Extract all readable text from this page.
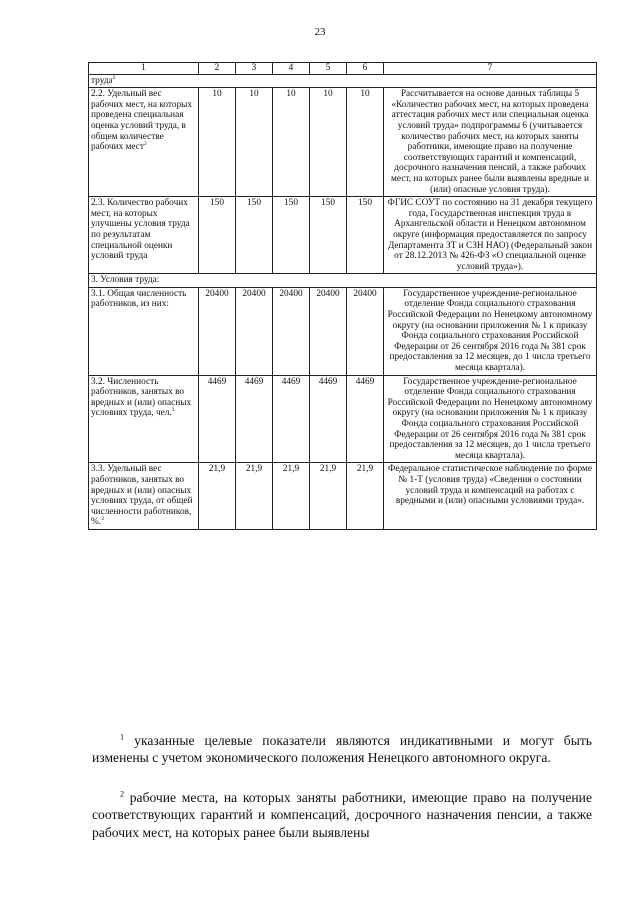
23
1	2	3	4	5	6	7
труда$^2$
2.2. Удельный вес рабочих мест, на которых проведена специальная оценка условий труда, в общем количестве рабочих мест$^2$	10	10	10	10	10	Рассчитывается на основе данных таблицы 5 «Количество рабочих мест, на которых проведена аттестация рабочих мест или специальная оценка условий труда» подпрограммы 6 (учитывается количество рабочих мест, на которых заняты работники, имеющие право на получение соответствующих гарантий и компенсаций, досрочного назначения пенсий, а также рабочих мест, на которых ранее были выявлены вредные и (или) опасные условия труда).
2.3. Количество рабочих мест, на которых улучшены условия труда по результатам специальной оценки условий труда	150	150	150	150	150	ФГИС СОУТ по состоянию на 31 декабря текущего года, Государственная инспекция труда в Архангельской области и Ненецком автономном округе (информация предоставляется по запросу Департамента ЗТ и СЗН НАО) (Федеральный закон от 28.12.2013 № 426-ФЗ «О специальной оценке условий труда»).
3. Условия труда:						
3.1. Общая численность работников, из них:	20400	20400	20400	20400	20400	Государственное учреждение-региональное отделение Фонда социального страхования Российской Федерации по Ненецкому автономному округу (на основании приложения № 1 к приказу Фонда социального страхования Российской Федерации от 26 сентября 2016 года № 381 срок предоставления за 12 месяцев, до 1 числа третьего месяца квартала).
3.2. Численность работников, занятых во вредных и (или) опасных условиях труда, чел.$^3$	4469	4469	4469	4469	4469	Государственное учреждение-региональное отделение Фонда социального страхования Российской Федерации по Ненецкому автономному округу (на основании приложения № 1 к приказу Фонда социального страхования Российской Федерации от 26 сентября 2016 года № 381 срок предоставления за 12 месяцев, до 1 числа третьего месяца квартала).
3.3. Удельный вес работников, занятых во вредных и (или) опасных условиях труда, от общей численности работников, %.$^3$	21,9	21,9	21,9	21,9	21,9	Федеральное статистическое наблюдение по форме № 1-Т (условия труда) «Сведения о состоянии условий труда и компенсаций на работах с вредными и (или) опасными условиями труда».

$^1$ указанные целевые показатели являются индикативными и могут быть изменены с учетом экономического положения Ненецкого автономного округа.

$^2$ рабочие места, на которых заняты работники, имеющие право на получение соответствующих гарантий и компенсаций, досрочного назначения пенсии, а также рабочих мест, на которых ранее были выявлены
